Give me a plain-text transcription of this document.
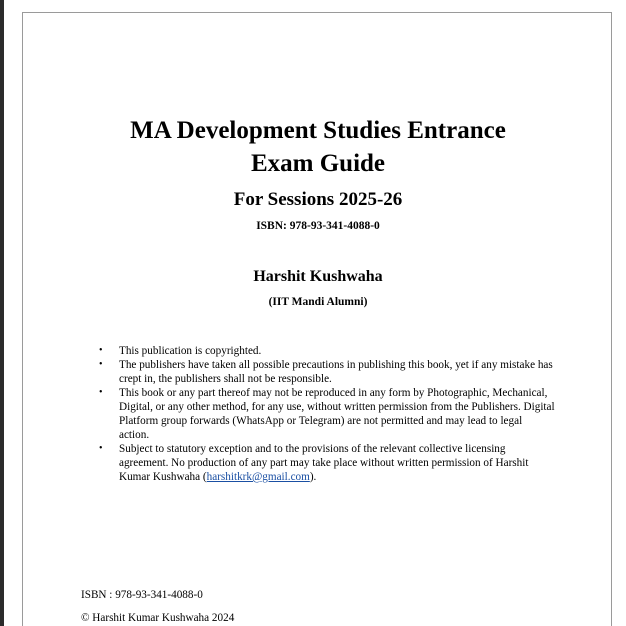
MA Development Studies Entrance
Exam Guide
For Sessions 2025-26
ISBN: 978-93-341-4088-0
Harshit Kushwaha
(IIT Mandi Alumni)
• This publication is copyrighted.
• The publishers have taken all possible precautions in publishing this book, yet if any mistake has crept in, the publishers shall not be responsible.
• This book or any part thereof may not be reproduced in any form by Photographic, Mechanical, Digital, or any other method, for any use, without written permission from the Publishers. Digital Platform group forwards (WhatsApp or Telegram) are not permitted and may lead to legal action.
• Subject to statutory exception and to the provisions of the relevant collective licensing agreement. No production of any part may take place without written permission of Harshit Kumar Kushwaha (harshitkrk@gmail.com).
ISBN : 978-93-341-4088-0
© Harshit Kumar Kushwaha 2024
